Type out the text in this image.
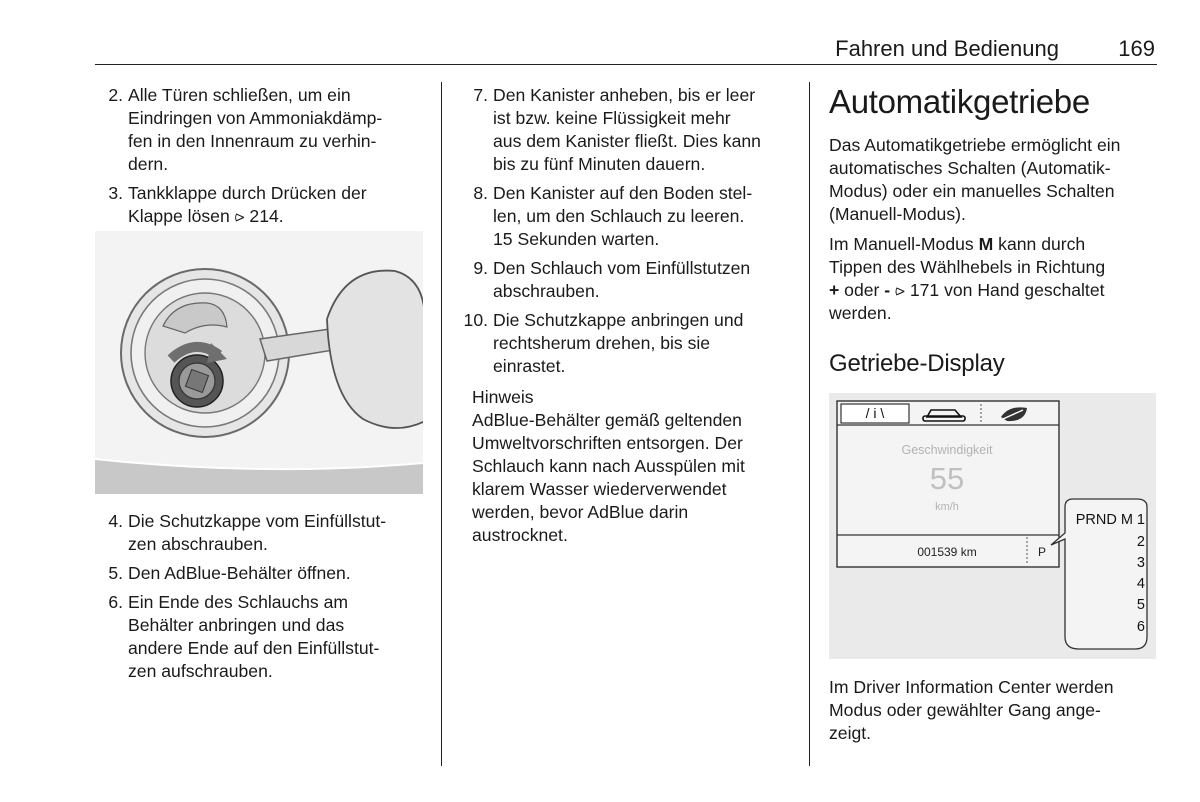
Fahren und Bedienung	169
2. Alle Türen schließen, um ein

Eindringen von Ammoniakdämp-

fen in den Innenraum zu verhin-

dern.

3. Tankklappe durch Drücken der

Klappe lösen ⪧ 214.

4. Die Schutzkappe vom Einfüllstut-

zen abschrauben.

5. Den AdBlue-Behälter öffnen.

6. Ein Ende des Schlauchs am

Behälter anbringen und das

andere Ende auf den Einfüllstut-

zen aufschrauben.

7. Den Kanister anheben, bis er leer

ist bzw. keine Flüssigkeit mehr

aus dem Kanister fließt. Dies kann

bis zu fünf Minuten dauern.

8. Den Kanister auf den Boden stel-

len, um den Schlauch zu leeren.

15 Sekunden warten.

9. Den Schlauch vom Einfüllstutzen

abschrauben.

10. Die Schutzkappe anbringen und

rechtsherum drehen, bis sie

einrastet.

Hinweis

AdBlue-Behälter gemäß geltenden

Umweltvorschriften entsorgen. Der

Schlauch kann nach Ausspülen mit

klarem Wasser wiederverwendet

werden, bevor AdBlue darin

austrocknet.

Automatikgetriebe

Das Automatikgetriebe ermöglicht ein

automatisches Schalten (Automatik-

Modus) oder ein manuelles Schalten

(Manuell-Modus).

Im Manuell-Modus M kann durch

Tippen des Wählhebels in Richtung

+ oder - ⪧ 171 von Hand geschaltet

werden.

Getriebe-Display
/ i \
Geschwindigkeit
55
km/h
001539 km	P
PRND M 1
2
3
4
5
6

Im Driver Information Center werden

Modus oder gewählter Gang ange-

zeigt.
